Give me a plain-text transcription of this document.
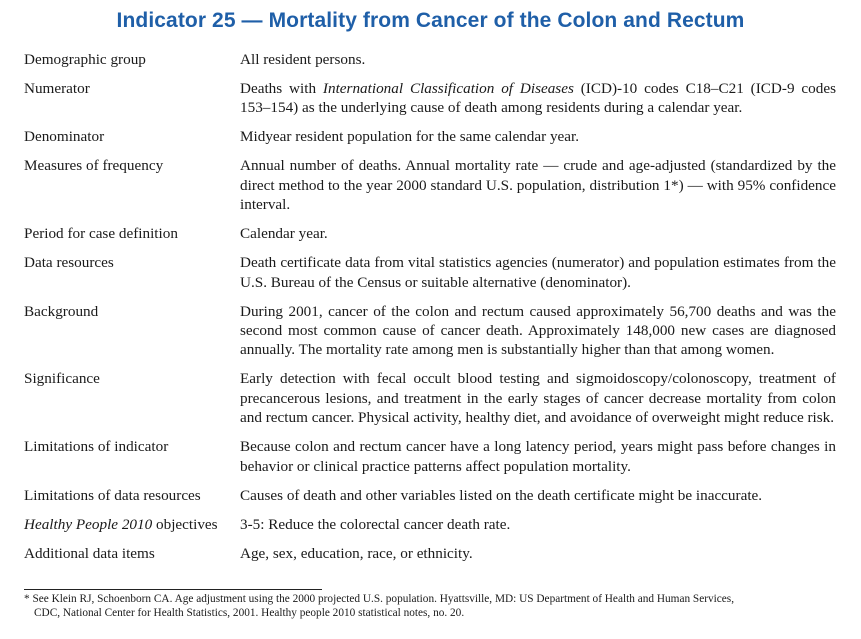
Indicator 25 — Mortality from Cancer of the Colon and Rectum
Demographic group	All resident persons.
Numerator	Deaths with International Classification of Diseases (ICD)-10 codes C18–C21 (ICD-9 codes 153–154) as the underlying cause of death among residents during a calendar year.
Denominator	Midyear resident population for the same calendar year.
Measures of frequency	Annual number of deaths. Annual mortality rate — crude and age-adjusted (standardized by the direct method to the year 2000 standard U.S. population, distribution 1*) — with 95% confidence interval.
Period for case definition	Calendar year.
Data resources	Death certificate data from vital statistics agencies (numerator) and population estimates from the U.S. Bureau of the Census or suitable alternative (denominator).
Background	During 2001, cancer of the colon and rectum caused approximately 56,700 deaths and was the second most common cause of cancer death. Approximately 148,000 new cases are diagnosed annually. The mortality rate among men is substantially higher than that among women.
Significance	Early detection with fecal occult blood testing and sigmoidoscopy/colonoscopy, treatment of precancerous lesions, and treatment in the early stages of cancer decrease mortality from colon and rectum cancer. Physical activity, healthy diet, and avoidance of overweight might reduce risk.
Limitations of indicator	Because colon and rectum cancer have a long latency period, years might pass before changes in behavior or clinical practice patterns affect population mortality.
Limitations of data resources	Causes of death and other variables listed on the death certificate might be inaccurate.
Healthy People 2010 objectives	3-5: Reduce the colorectal cancer death rate.
Additional data items	Age, sex, education, race, or ethnicity.
* See Klein RJ, Schoenborn CA. Age adjustment using the 2000 projected U.S. population. Hyattsville, MD: US Department of Health and Human Services,
CDC, National Center for Health Statistics, 2001. Healthy people 2010 statistical notes, no. 20.
